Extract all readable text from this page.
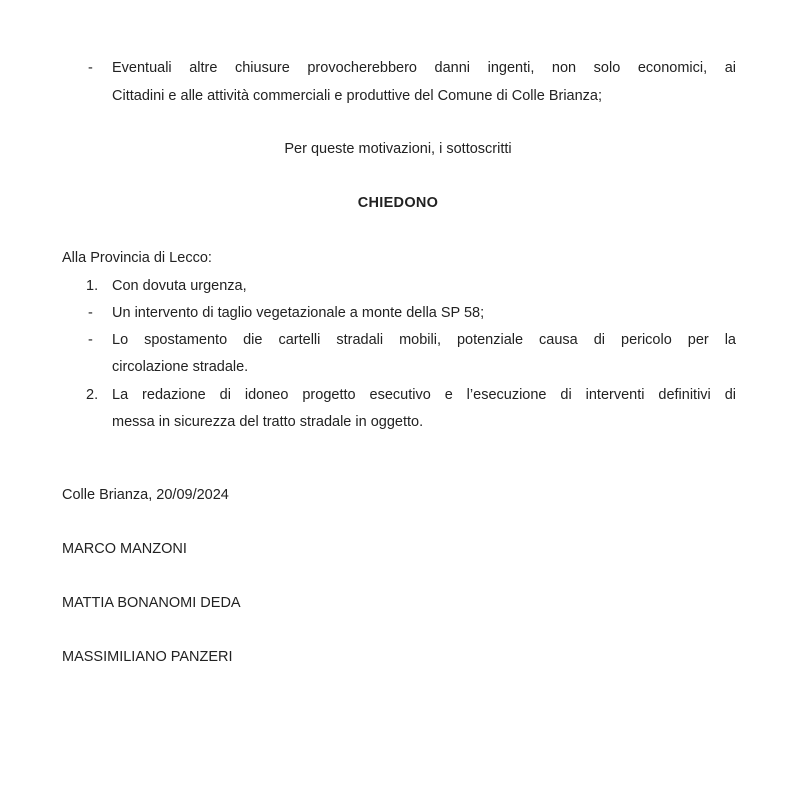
- Eventuali altre chiusure provocherebbero danni ingenti, non solo economici, ai
Cittadini e alle attività commerciali e produttive del Comune di Colle Brianza;
Per queste motivazioni, i sottoscritti
CHIEDONO
Alla Provincia di Lecco:
1. Con dovuta urgenza,
- Un intervento di taglio vegetazionale a monte della SP 58;
- Lo spostamento die cartelli stradali mobili, potenziale causa di pericolo per la
circolazione stradale.
2. La redazione di idoneo progetto esecutivo e l’esecuzione di interventi definitivi di
messa in sicurezza del tratto stradale in oggetto.
Colle Brianza, 20/09/2024
MARCO MANZONI
MATTIA BONANOMI DEDA
MASSIMILIANO PANZERI
